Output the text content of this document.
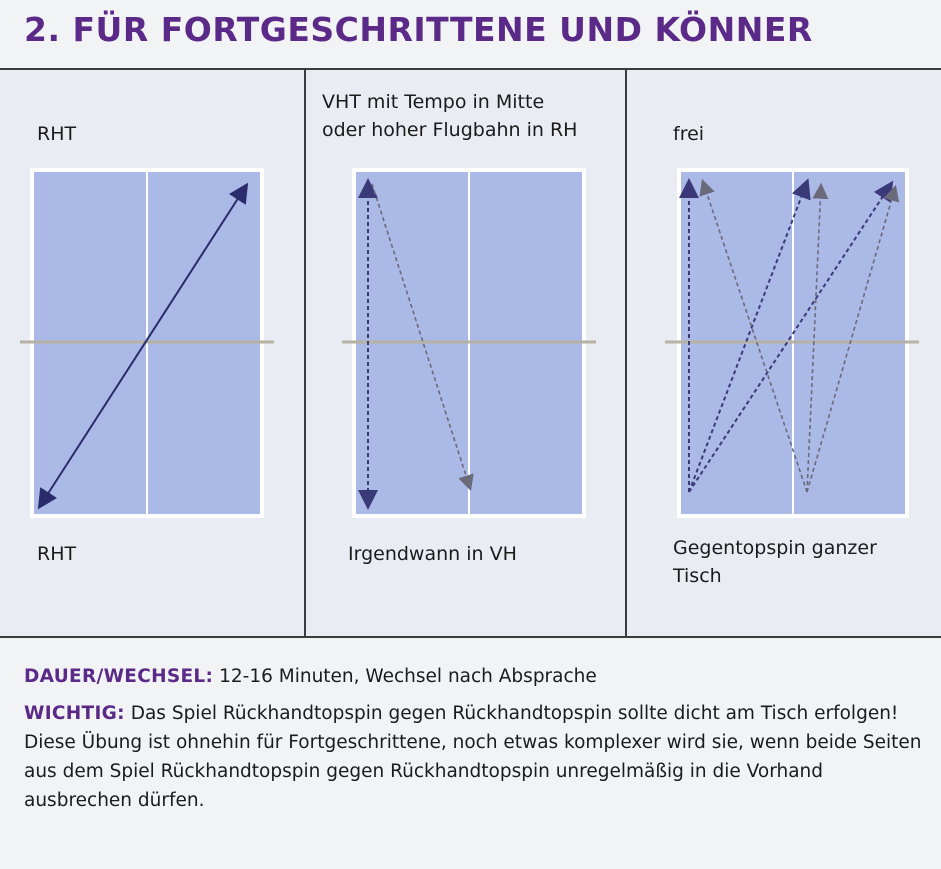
2. FÜR FORTGESCHRITTENE UND KÖNNER
RHT
RHT
VHT mit Tempo in Mitte
oder hoher Flugbahn in RH
Irgendwann in VH
frei
Gegentopspin ganzer
Tisch

DAUER/WECHSEL: 12-16 Minuten, Wechsel nach Absprache

WICHTIG: Das Spiel Rückhandtopspin gegen Rückhandtopspin sollte dicht am Tisch erfolgen! Diese Übung ist ohnehin für Fortgeschrittene, noch etwas komplexer wird sie, wenn beide Seiten aus dem Spiel Rückhandtopspin gegen Rückhandtopspin unregelmäßig in die Vorhand ausbrechen dürfen.
